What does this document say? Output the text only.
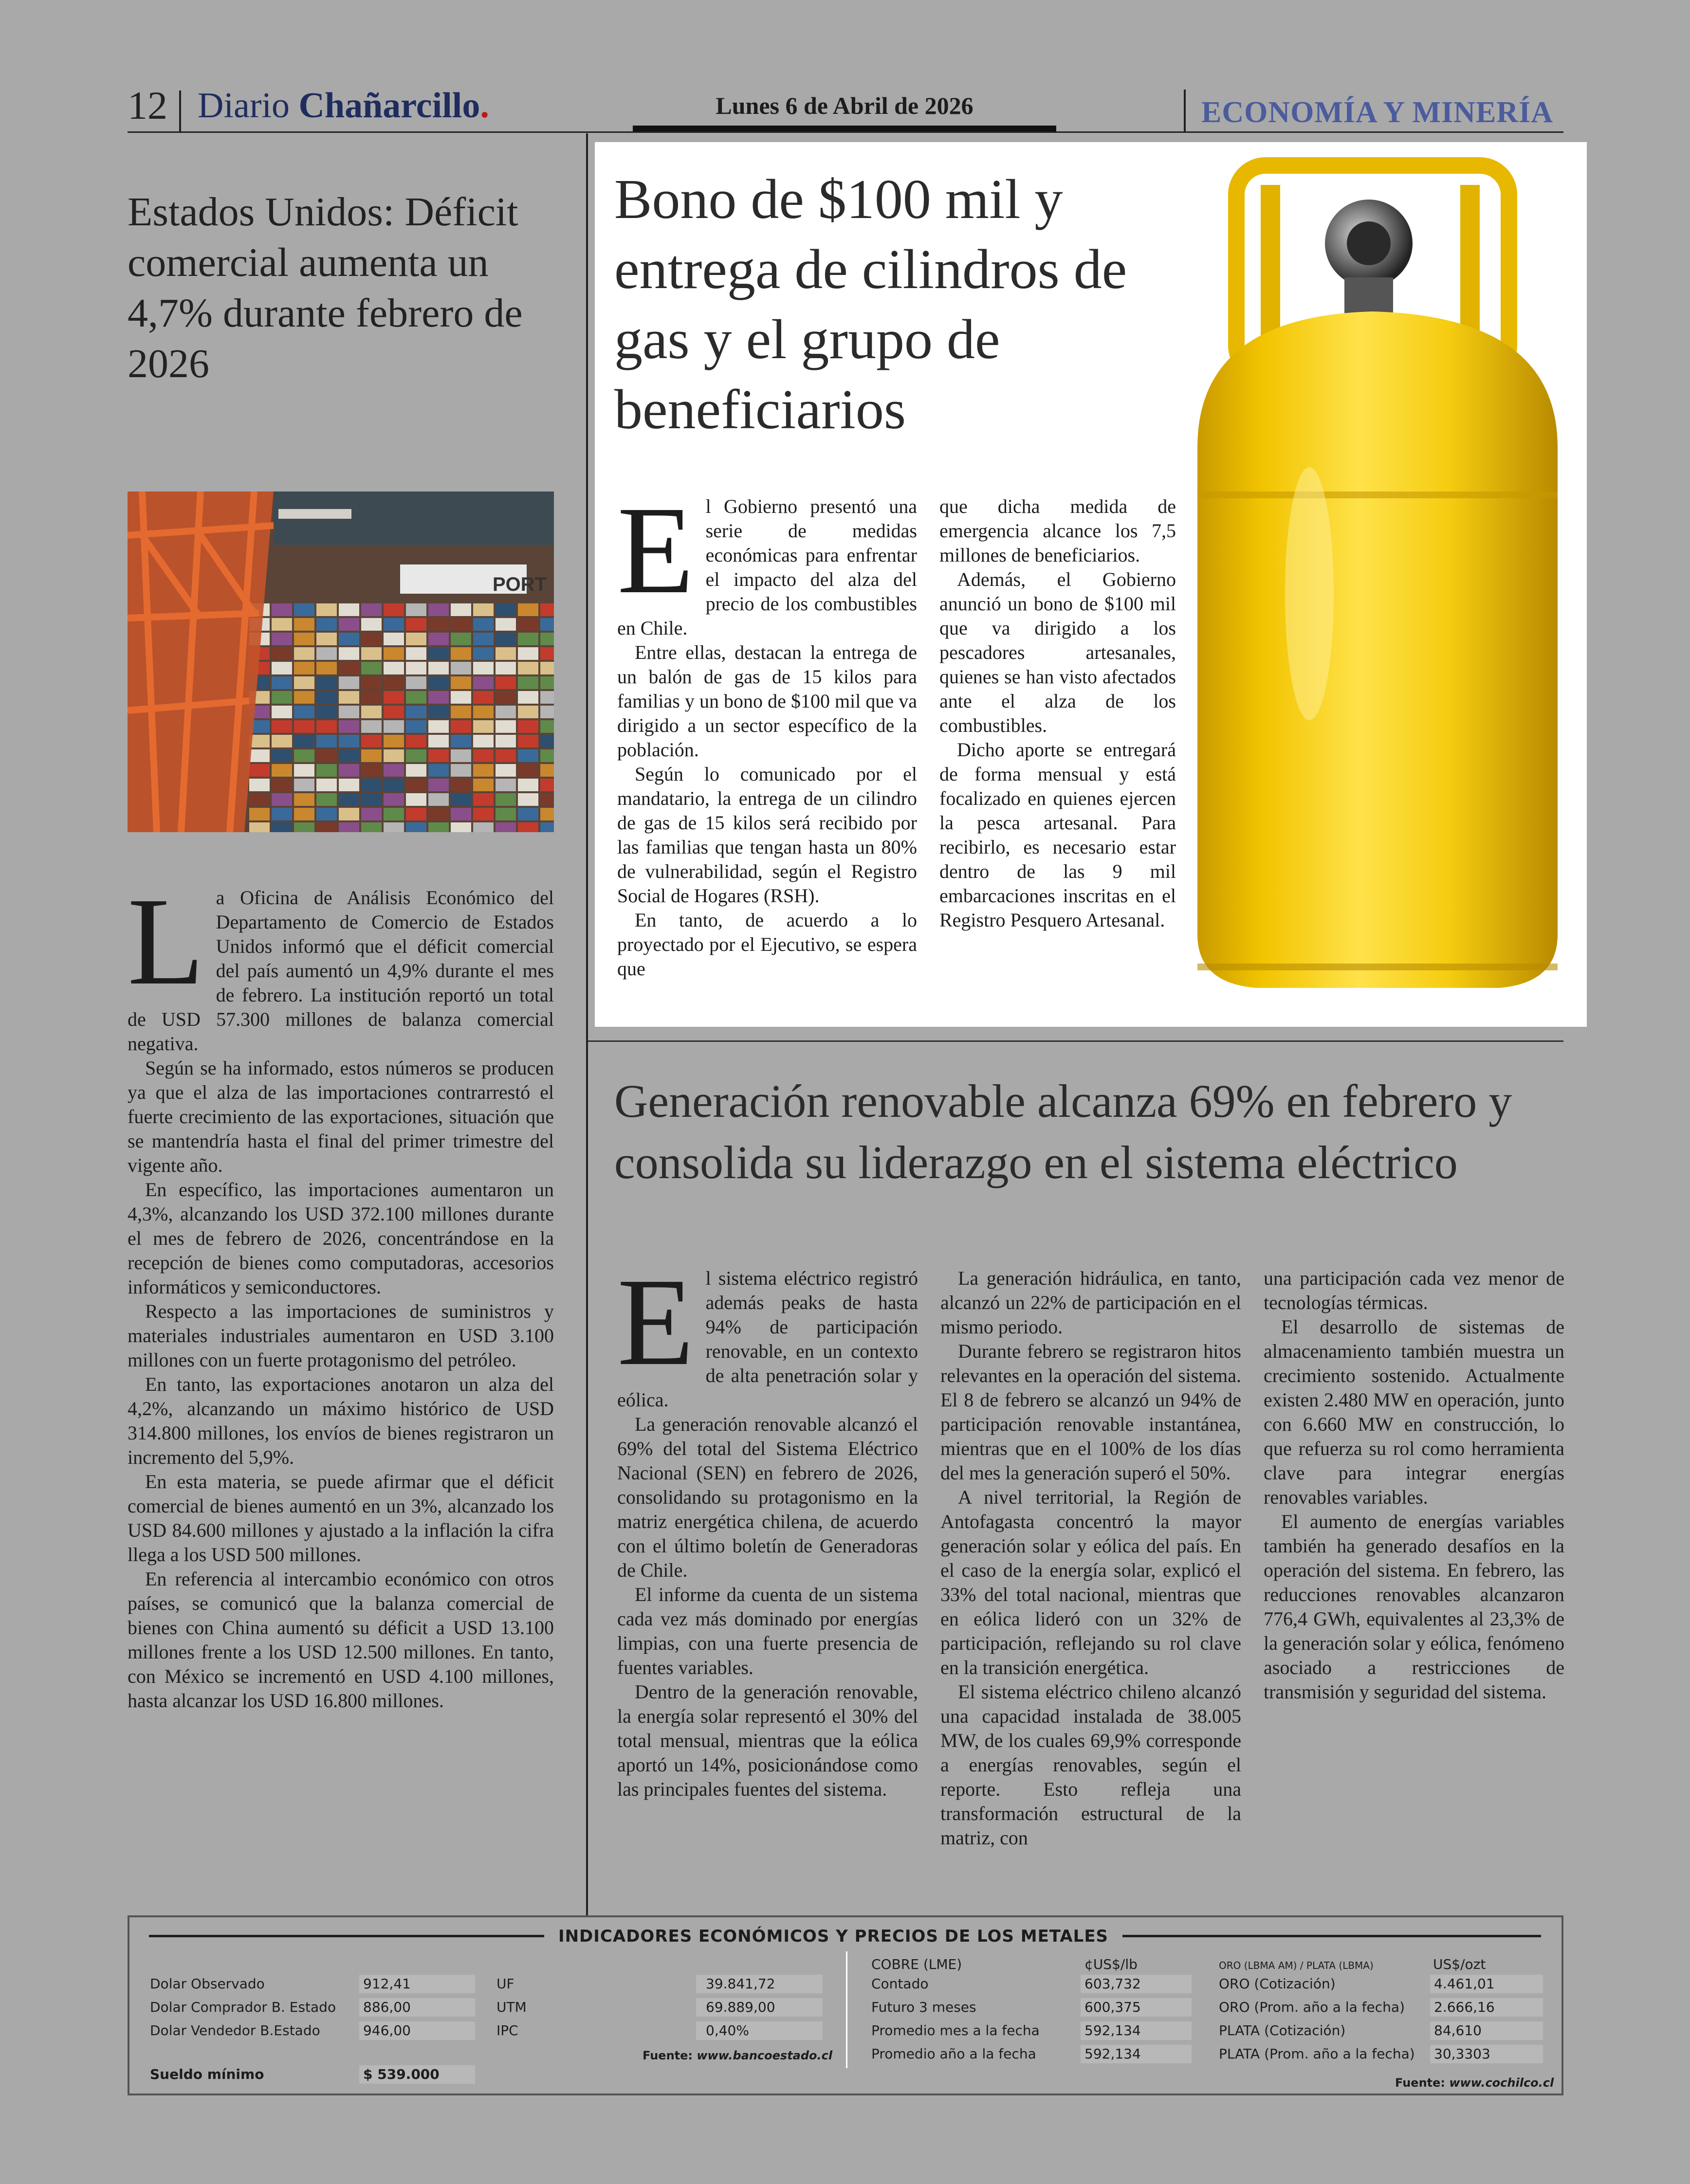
12 Diario Chañarcillo.	Lunes 6 de Abril de 2026	ECONOMÍA Y MINERÍA
Estados Unidos: Déficit comercial aumenta un 4,7% durante febrero de 2026
PORT

La Oficina de Análisis Económico del Departamento de Comercio de Estados Unidos informó que el déficit comercial del país aumentó un 4,9% durante el mes de febrero. La institución reportó un total de USD 57.300 millones de balanza comercial negativa.

Según se ha informado, estos números se producen ya que el alza de las importaciones contrarrestó el fuerte crecimiento de las exportaciones, situación que se mantendría hasta el final del primer trimestre del vigente año.

En específico, las importaciones aumentaron un 4,3%, alcanzando los USD 372.100 millones durante el mes de febrero de 2026, concentrándose en la recepción de bienes como computadoras, accesorios informáticos y semiconductores.

Respecto a las importaciones de suministros y materiales industriales aumentaron en USD 3.100 millones con un fuerte protagonismo del petróleo.

En tanto, las exportaciones anotaron un alza del 4,2%, alcanzando un máximo histórico de USD 314.800 millones, los envíos de bienes registraron un incremento del 5,9%.

En esta materia, se puede afirmar que el déficit comercial de bienes aumentó en un 3%, alcanzado los USD 84.600 millones y ajustado a la inflación la cifra llega a los USD 500 millones.

En referencia al intercambio económico con otros países, se comunicó que la balanza comercial de bienes con China aumentó su déficit a USD 13.100 millones frente a los USD 12.500 millones. En tanto, con México se incrementó en USD 4.100 millones, hasta alcanzar los USD 16.800 millones.

Bono de $100 mil y entrega de cilindros de gas y el grupo de beneficiarios

El Gobierno presentó una serie de medidas económicas para enfrentar el impacto del alza del precio de los combustibles en Chile.

Entre ellas, destacan la entrega de un balón de gas de 15 kilos para familias y un bono de $100 mil que va dirigido a un sector específico de la población.

Según lo comunicado por el mandatario, la entrega de un cilindro de gas de 15 kilos será recibido por las familias que tengan hasta un 80% de vulnerabilidad, según el Registro Social de Hogares (RSH).

En tanto, de acuerdo a lo proyectado por el Ejecutivo, se espera que

que dicha medida de emergencia alcance los 7,5 millones de beneficiarios.

Además, el Gobierno anunció un bono de $100 mil que va dirigido a los pescadores artesanales, quienes se han visto afectados ante el alza de los combustibles.

Dicho aporte se entregará de forma mensual y está focalizado en quienes ejercen la pesca artesanal. Para recibirlo, es necesario estar dentro de las 9 mil embarcaciones inscritas en el Registro Pesquero Artesanal.

Generación renovable alcanza 69% en febrero y consolida su liderazgo en el sistema eléctrico

El sistema eléctrico registró además peaks de hasta 94% de participación renovable, en un contexto de alta penetración solar y eólica.

La generación renovable alcanzó el 69% del total del Sistema Eléctrico Nacional (SEN) en febrero de 2026, consolidando su protagonismo en la matriz energética chilena, de acuerdo con el último boletín de Generadoras de Chile.

El informe da cuenta de un sistema cada vez más dominado por energías limpias, con una fuerte presencia de fuentes variables.

Dentro de la generación renovable, la energía solar representó el 30% del total mensual, mientras que la eólica aportó un 14%, posicionándose como las principales fuentes del sistema.

La generación hidráulica, en tanto, alcanzó un 22% de participación en el mismo periodo.

Durante febrero se registraron hitos relevantes en la operación del sistema. El 8 de febrero se alcanzó un 94% de participación renovable instantánea, mientras que en el 100% de los días del mes la generación superó el 50%.

A nivel territorial, la Región de Antofagasta concentró la mayor generación solar y eólica del país. En el caso de la energía solar, explicó el 33% del total nacional, mientras que en eólica lideró con un 32% de participación, reflejando su rol clave en la transición energética.

El sistema eléctrico chileno alcanzó una capacidad instalada de 38.005 MW, de los cuales 69,9% corresponde a energías renovables, según el reporte. Esto refleja una transformación estructural de la matriz, con

una participación cada vez menor de tecnologías térmicas.

El desarrollo de sistemas de almacenamiento también muestra un crecimiento sostenido. Actualmente existen 2.480 MW en operación, junto con 6.660 MW en construcción, lo que refuerza su rol como herramienta clave para integrar energías renovables variables.

El aumento de energías variables también ha generado desafíos en la operación del sistema. En febrero, las reducciones renovables alcanzaron 776,4 GWh, equivalentes al 23,3% de la generación solar y eólica, fenómeno asociado a restricciones de transmisión y seguridad del sistema.

INDICADORES ECONÓMICOS Y PRECIOS DE LOS METALES
Dolar Observado	912,41
Dolar Comprador B. Estado	886,00
Dolar Vendedor B.Estado	946,00
Sueldo mínimo	$ 539.000
UF	39.841,72
UTM	69.889,00
IPC	0,40%
Fuente: www.bancoestado.cl
COBRE (LME)	¢US$/lb
Contado	603,732
Futuro 3 meses	600,375
Promedio mes a la fecha	592,134
Promedio año a la fecha	592,134
ORO (LBMA AM) / PLATA (LBMA)	US$/ozt
ORO (Cotización)	4.461,01
ORO (Prom. año a la fecha)	2.666,16
PLATA (Cotización)	84,610
PLATA (Prom. año a la fecha)	30,3303
Fuente: www.cochilco.cl
